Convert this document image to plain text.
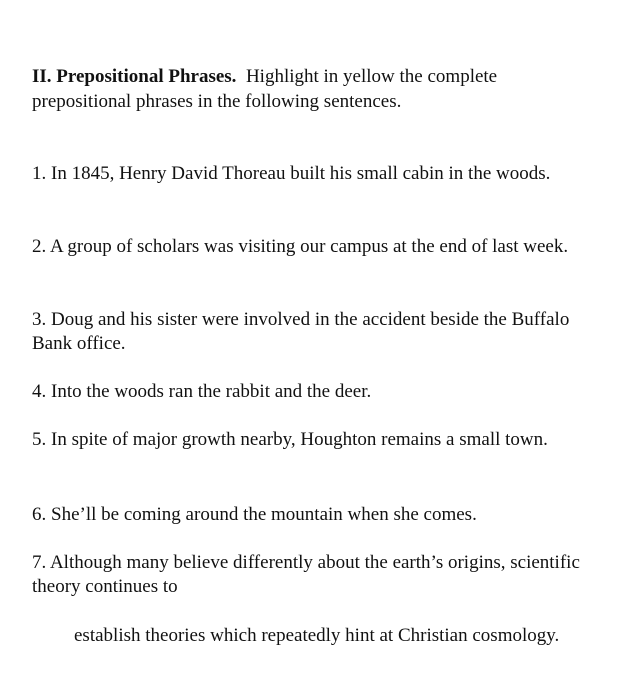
II. Prepositional Phrases. Highlight in yellow the complete prepositional phrases in the following sentences.

1. In 1845, Henry David Thoreau built his small cabin in the woods.

2. A group of scholars was visiting our campus at the end of last week.

3. Doug and his sister were involved in the accident beside the Buffalo Bank office.

4. Into the woods ran the rabbit and the deer.

5. In spite of major growth nearby, Houghton remains a small town.

6. She’ll be coming around the mountain when she comes.

7. Although many believe differently about the earth’s origins, scientific theory continues to

establish theories which repeatedly hint at Christian cosmology.
